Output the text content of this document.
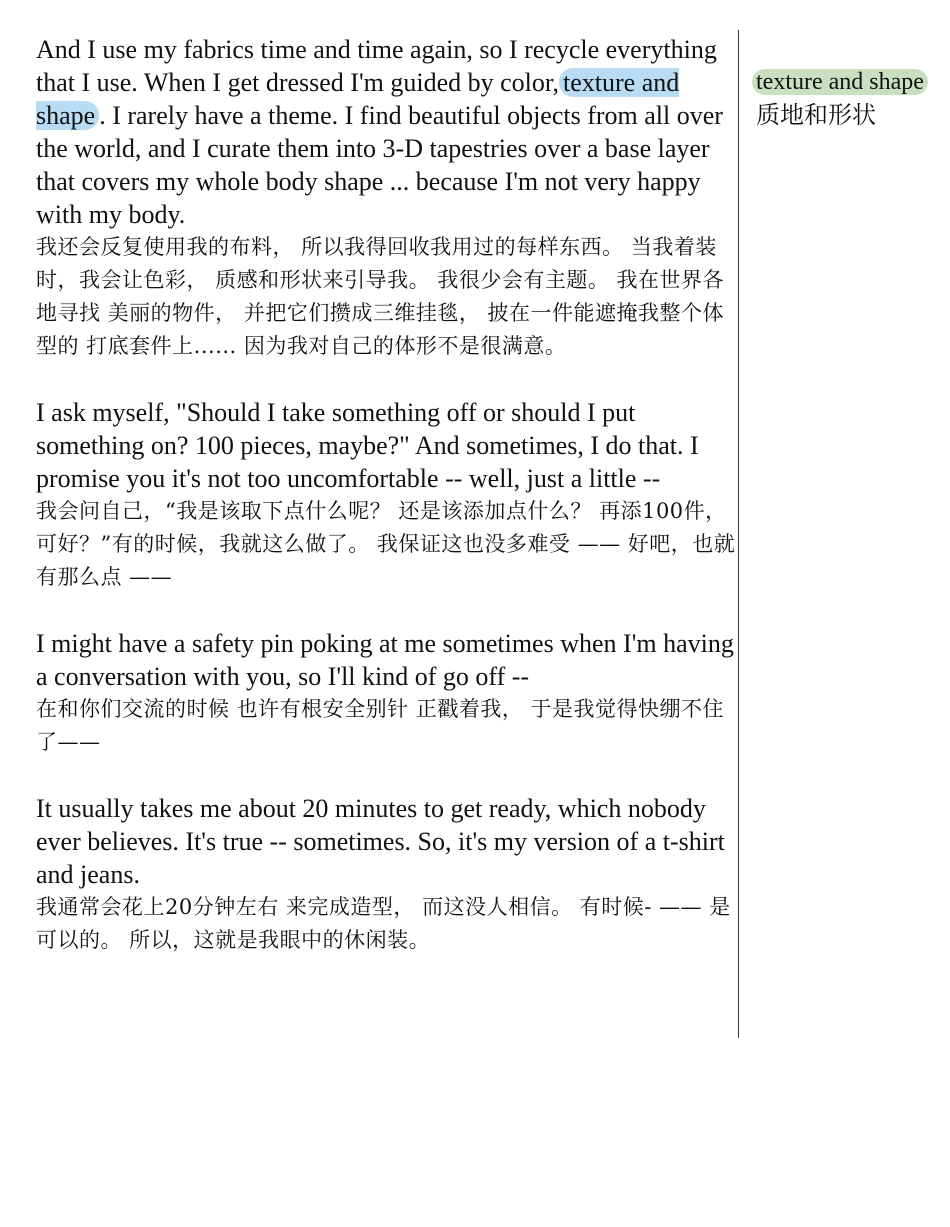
And I use my fabrics time and time again, so I recycle everything that I use. When I get dressed I'm guided by color, texture and shape . I rarely have a theme. I find beautiful objects from all over the world, and I curate them into 3-D tapestries over a base layer that covers my whole body shape ... because I'm not very happy with my body.

我还会反复使用我的布料， 所以我得回收我用过的每样东西。 当我着装时，我会让色彩， 质感和形状来引导我。 我很少会有主题。 我在世界各地寻找 美丽的物件， 并把它们攒成三维挂毯， 披在一件能遮掩我整个体型的 打底套件上...... 因为我对自己的体形不是很满意。

I ask myself, "Should I take something off or should I put something on? 100 pieces, maybe?" And sometimes, I do that. I promise you it's not too uncomfortable -- well, just a little --

我会问自己，“我是该取下点什么呢？ 还是该添加点什么？ 再添100件，可好？”有的时候，我就这么做了。 我保证这也没多难受 —— 好吧，也就有那么点 ——

I might have a safety pin poking at me sometimes when I'm having a conversation with you, so I'll kind of go off --

在和你们交流的时候 也许有根安全别针 正戳着我， 于是我觉得快绷不住了——

It usually takes me about 20 minutes to get ready, which nobody ever believes. It's true -- sometimes. So, it's my version of a t-shirt and jeans.

我通常会花上20分钟左右 来完成造型， 而这没人相信。 有时候- —— 是可以的。 所以，这就是我眼中的休闲装。

texture and shape

质地和形状
